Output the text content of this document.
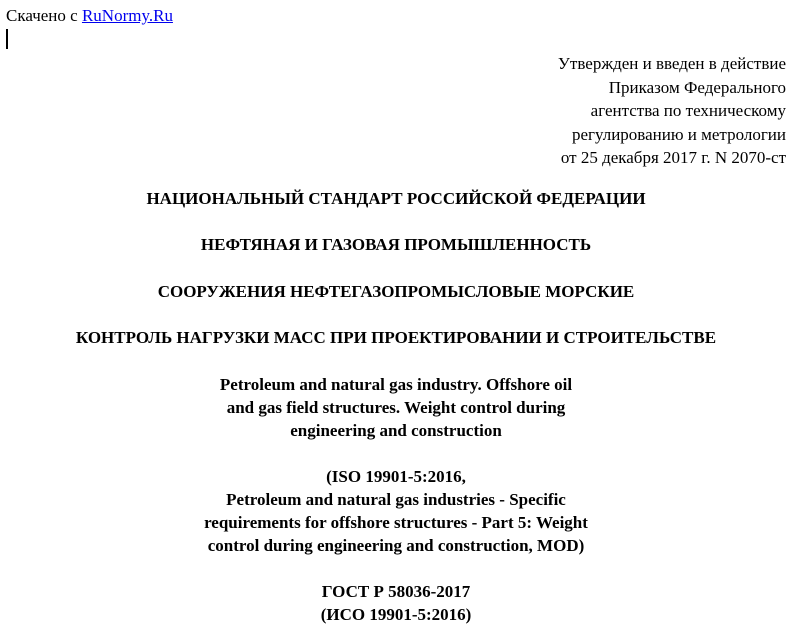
Скачено с RuNormy.Ru
Утвержден и введен в действие
Приказом Федерального
агентства по техническому
регулированию и метрологии
от 25 декабря 2017 г. N 2070-ст
НАЦИОНАЛЬНЫЙ СТАНДАРТ РОССИЙСКОЙ ФЕДЕРАЦИИ
НЕФТЯНАЯ И ГАЗОВАЯ ПРОМЫШЛЕННОСТЬ
СООРУЖЕНИЯ НЕФТЕГАЗОПРОМЫСЛОВЫЕ МОРСКИЕ
КОНТРОЛЬ НАГРУЗКИ МАСС ПРИ ПРОЕКТИРОВАНИИ И СТРОИТЕЛЬСТВЕ
Petroleum and natural gas industry. Offshore oil
and gas field structures. Weight control during
engineering and construction
(ISO 19901-5:2016,
Petroleum and natural gas industries - Specific
requirements for offshore structures - Part 5: Weight
control during engineering and construction, MOD)
ГОСТ Р 58036-2017
(ИСО 19901-5:2016)
